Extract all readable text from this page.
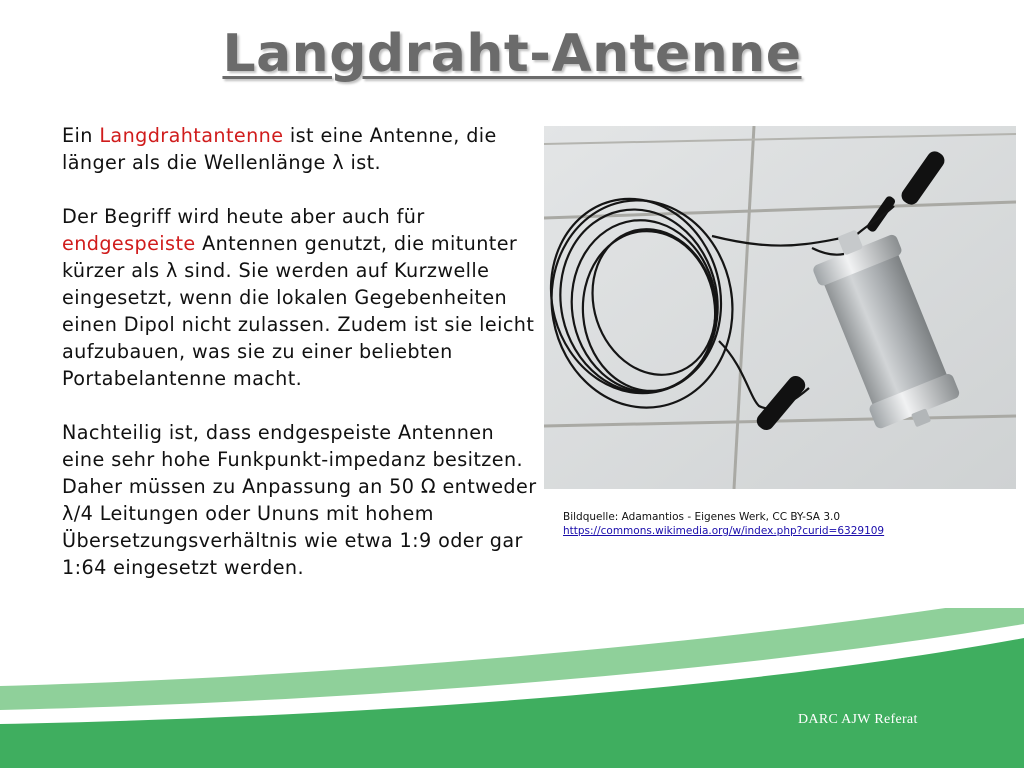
Langdraht-Antenne

Ein Langdrahtantenne ist eine Antenne, die länger als die Wellenlänge λ ist.

Der Begriff wird heute aber auch für endgespeiste Antennen genutzt, die mitunter kürzer als λ sind. Sie werden auf Kurzwelle eingesetzt, wenn die lokalen Gegebenheiten einen Dipol nicht zulassen. Zudem ist sie leicht aufzubauen, was sie zu einer beliebten Portabelantenne macht.

Nachteilig ist, dass endgespeiste Antennen eine sehr hohe Funkpunkt-impedanz besitzen. Daher müssen zu Anpassung an 50 Ω entweder λ/4 Leitungen oder Ununs mit hohem Übersetzungsverhältnis wie etwa 1:9 oder gar 1:64 eingesetzt werden.

Bildquelle: Adamantios - Eigenes Werk, CC BY-SA 3.0
https://commons.wikimedia.org/w/index.php?curid=6329109
DARC AJW Referat
